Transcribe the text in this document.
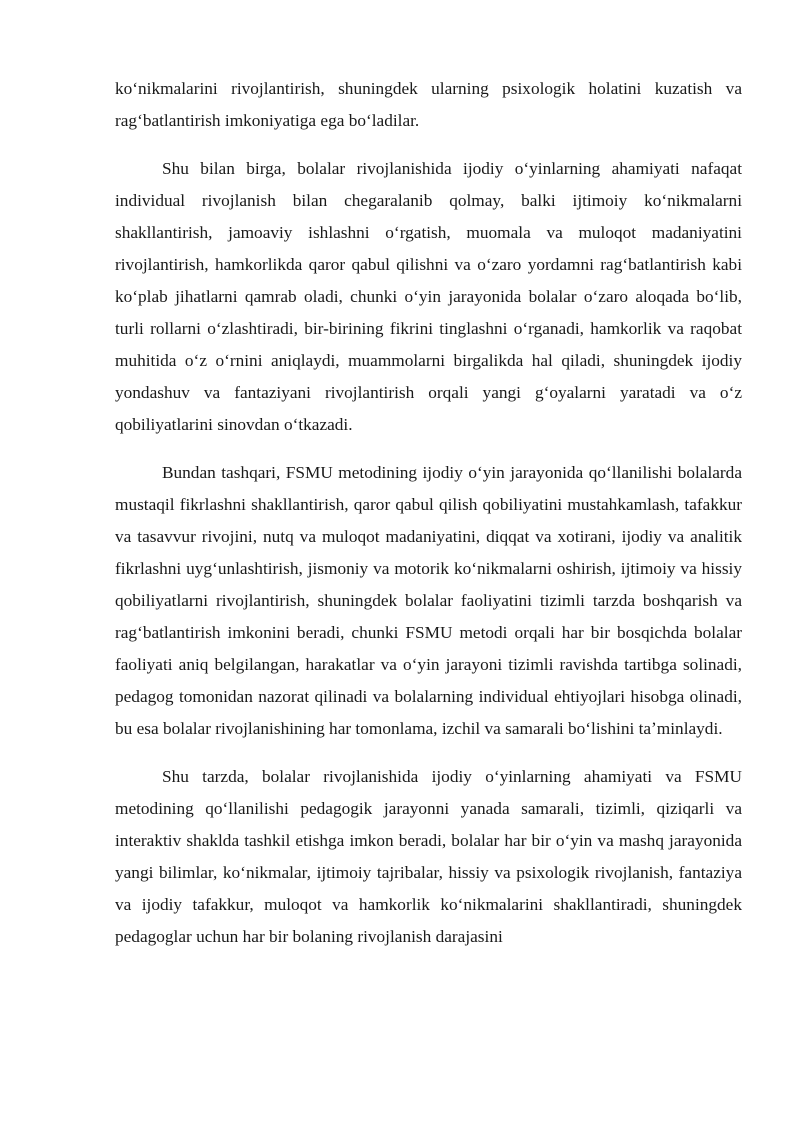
koʻnikmalarini rivojlantirish, shuningdek ularning psixologik holatini kuzatish va ragʻbatlantirish imkoniyatiga ega boʻladilar.

Shu bilan birga, bolalar rivojlanishida ijodiy oʻyinlarning ahamiyati nafaqat individual rivojlanish bilan chegaralanib qolmay, balki ijtimoiy koʻnikmalarni shakllantirish, jamoaviy ishlashni oʻrgatish, muomala va muloqot madaniyatini rivojlantirish, hamkorlikda qaror qabul qilishni va oʻzaro yordamni ragʻbatlantirish kabi koʻplab jihatlarni qamrab oladi, chunki oʻyin jarayonida bolalar oʻzaro aloqada boʻlib, turli rollarni oʻzlashtiradi, bir-birining fikrini tinglashni oʻrganadi, hamkorlik va raqobat muhitida oʻz oʻrnini aniqlaydi, muammolarni birgalikda hal qiladi, shuningdek ijodiy yondashuv va fantaziyani rivojlantirish orqali yangi gʻoyalarni yaratadi va oʻz qobiliyatlarini sinovdan oʻtkazadi.

Bundan tashqari, FSMU metodining ijodiy oʻyin jarayonida qoʻllanilishi bolalarda mustaqil fikrlashni shakllantirish, qaror qabul qilish qobiliyatini mustahkamlash, tafakkur va tasavvur rivojini, nutq va muloqot madaniyatini, diqqat va xotirani, ijodiy va analitik fikrlashni uygʻunlashtirish, jismoniy va motorik koʻnikmalarni oshirish, ijtimoiy va hissiy qobiliyatlarni rivojlantirish, shuningdek bolalar faoliyatini tizimli tarzda boshqarish va ragʻbatlantirish imkonini beradi, chunki FSMU metodi orqali har bir bosqichda bolalar faoliyati aniq belgilangan, harakatlar va oʻyin jarayoni tizimli ravishda tartibga solinadi, pedagog tomonidan nazorat qilinadi va bolalarning individual ehtiyojlari hisobga olinadi, bu esa bolalar rivojlanishining har tomonlama, izchil va samarali boʻlishini taʼminlaydi.

Shu tarzda, bolalar rivojlanishida ijodiy oʻyinlarning ahamiyati va FSMU metodining qoʻllanilishi pedagogik jarayonni yanada samarali, tizimli, qiziqarli va interaktiv shaklda tashkil etishga imkon beradi, bolalar har bir oʻyin va mashq jarayonida yangi bilimlar, koʻnikmalar, ijtimoiy tajribalar, hissiy va psixologik rivojlanish, fantaziya va ijodiy tafakkur, muloqot va hamkorlik koʻnikmalarini shakllantiradi, shuningdek pedagoglar uchun har bir bolaning rivojlanish darajasini
